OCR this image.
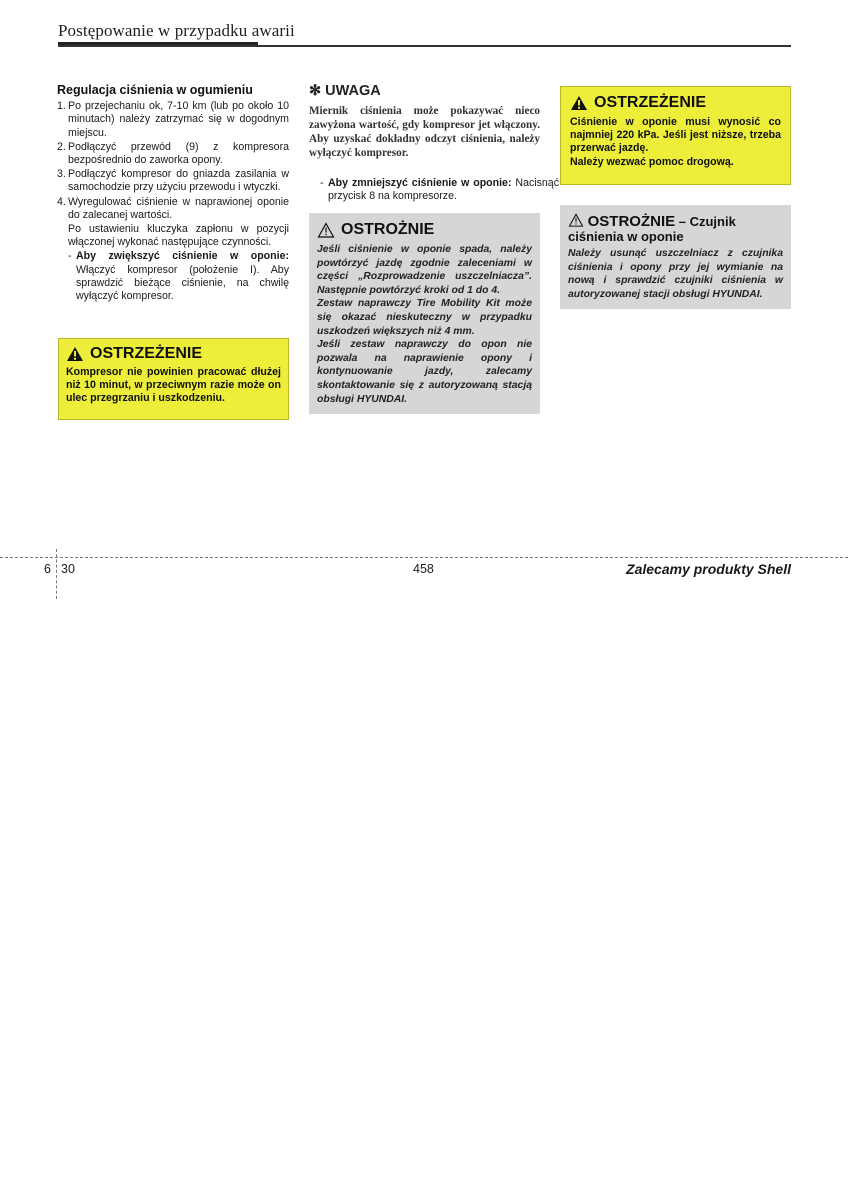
Postępowanie w przypadku awarii
Regulacja ciśnienia w ogumieniu
1. Po przejechaniu ok, 7-10 km (lub po około 10 minutach) należy zatrzymać się w dogodnym miejscu.
2. Podłączyć przewód (9) z kompresora bezpośrednio do zaworka opony.
3. Podłączyć kompresor do gniazda zasilania w samochodzie przy użyciu przewodu i wtyczki.
4. Wyregulować ciśnienie w naprawionej oponie do zalecanej wartości.
Po ustawieniu kluczyka zapłonu w pozycji włączonej wykonać następujące czynności.
- Aby zwiększyć ciśnienie w oponie: Włączyć kompresor (położenie I). Aby sprawdzić bieżące ciśnienie, na chwilę wyłączyć kompresor.
OSTRZEŻENIE
Kompresor nie powinien pracować dłużej niż 10 minut, w przeciwnym razie może on ulec przegrzaniu i uszkodzeniu.
✻ UWAGA
Miernik ciśnienia może pokazywać nieco zawyżona wartość, gdy kompresor jet włączony. Aby uzyskać dokładny odczyt ciśnienia, należy wyłączyć kompresor.
- Aby zmniejszyć ciśnienie w oponie: Nacisnąć przycisk 8 na kompresorze.
OSTROŻNIE
Jeśli ciśnienie w oponie spada, należy powtórzyć jazdę zgodnie zaleceniami w części „Rozprowadzenie uszczelniacza”. Następnie powtórzyć kroki od 1 do 4.
Zestaw naprawczy Tire Mobility Kit może się okazać nieskuteczny w przypadku uszkodzeń większych niż 4 mm.
Jeśli zestaw naprawczy do opon nie pozwala na naprawienie opony i kontynuowanie jazdy, zalecamy skontaktowanie się z autoryzowaną stacją obsługi HYUNDAI.
OSTRZEŻENIE
Ciśnienie w oponie musi wynosić co najmniej 220 kPa. Jeśli jest niższe, trzeba przerwać jazdę.
Należy wezwać pomoc drogową.
OSTROŻNIE – Czujnik ciśnienia w oponie
Należy usunąć uszczelniacz z czujnika ciśnienia i opony przy jej wymianie na nową i sprawdzić czujniki ciśnienia w autoryzowanej stacji obsługi HYUNDAI.
6 30	458	Zalecamy produkty Shell
